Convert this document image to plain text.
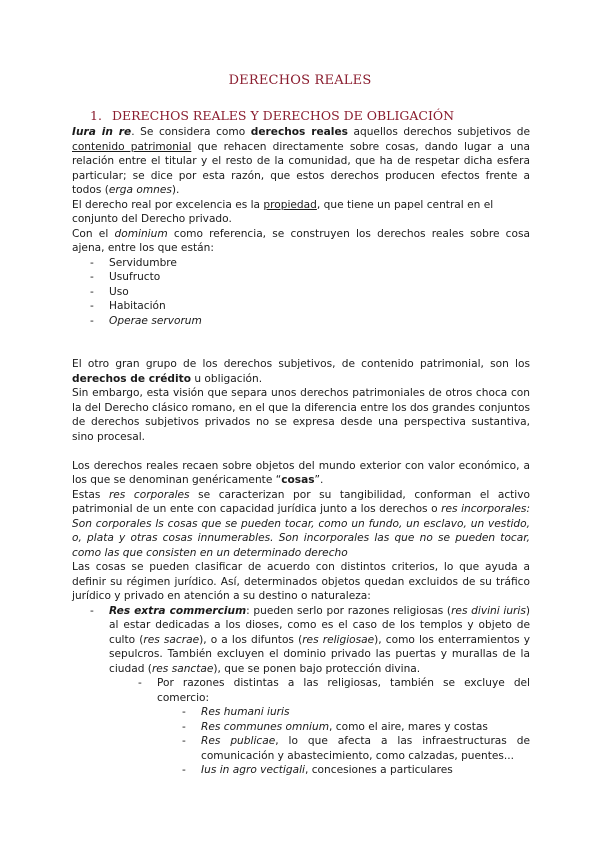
DERECHOS REALES
1. DERECHOS REALES Y DERECHOS DE OBLIGACIÓN

Iura in re. Se considera como derechos reales aquellos derechos subjetivos de contenido patrimonial que rehacen directamente sobre cosas, dando lugar a una relación entre el titular y el resto de la comunidad, que ha de respetar dicha esfera particular; se dice por esta razón, que estos derechos producen efectos frente a todos (erga omnes).

El derecho real por excelencia es la propiedad, que tiene un papel central en el conjunto del Derecho privado.

Con el dominium como referencia, se construyen los derechos reales sobre cosa ajena, entre los que están:

- Servidumbre
- Usufructo
- Uso
- Habitación
- Operae servorum

El otro gran grupo de los derechos subjetivos, de contenido patrimonial, son los derechos de crédito u obligación.

Sin embargo, esta visión que separa unos derechos patrimoniales de otros choca con la del Derecho clásico romano, en el que la diferencia entre los dos grandes conjuntos de derechos subjetivos privados no se expresa desde una perspectiva sustantiva, sino procesal.

Los derechos reales recaen sobre objetos del mundo exterior con valor económico, a los que se denominan genéricamente “cosas”.

Estas res corporales se caracterizan por su tangibilidad, conforman el activo patrimonial de un ente con capacidad jurídica junto a los derechos o res incorporales: Son corporales ls cosas que se pueden tocar, como un fundo, un esclavo, un vestido, o, plata y otras cosas innumerables. Son incorporales las que no se pueden tocar, como las que consisten en un determinado derecho

Las cosas se pueden clasificar de acuerdo con distintos criterios, lo que ayuda a definir su régimen jurídico. Así, determinados objetos quedan excluidos de su tráfico jurídico y privado en atención a su destino o naturaleza:

- Res extra commercium: pueden serlo por razones religiosas (res divini iuris) al estar dedicadas a los dioses, como es el caso de los templos y objeto de culto (res sacrae), o a los difuntos (res religiosae), como los enterramientos y sepulcros. También excluyen el dominio privado las puertas y murallas de la ciudad (res sanctae), que se ponen bajo protección divina.
- Por razones distintas a las religiosas, también se excluye del comercio:
- Res humani iuris
- Res communes omnium, como el aire, mares y costas
- Res publicae, lo que afecta a las infraestructuras de comunicación y abastecimiento, como calzadas, puentes...
- Ius in agro vectigali, concesiones a particulares
